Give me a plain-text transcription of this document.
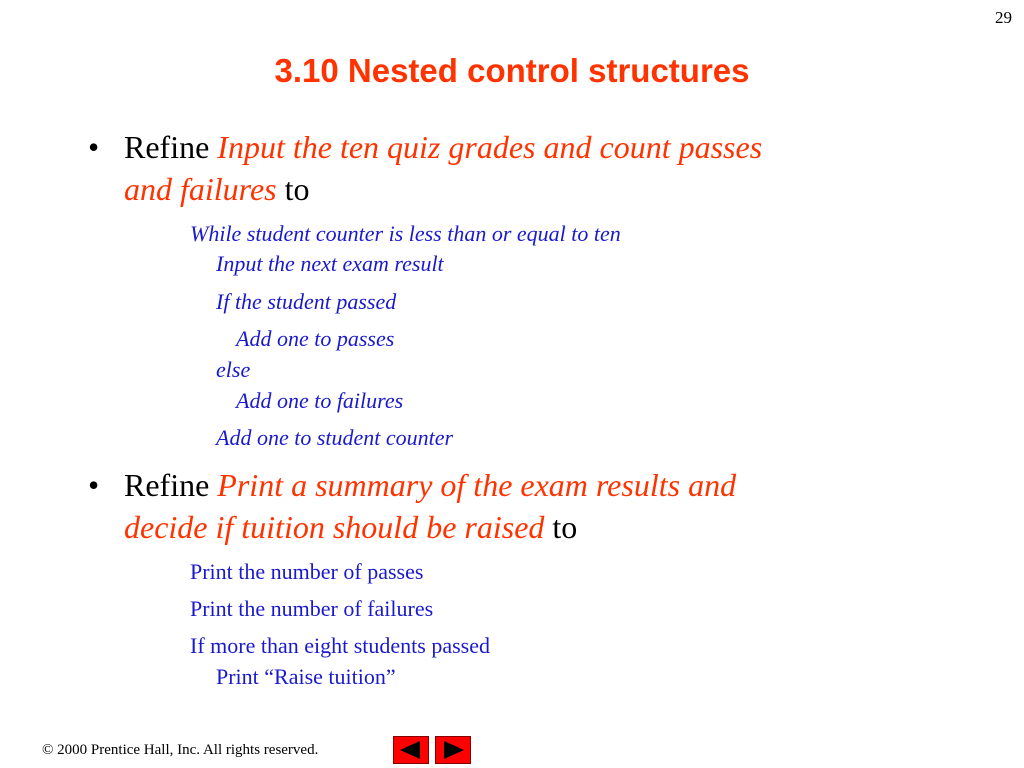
29
3.10 Nested control structures
• Refine Input the ten quiz grades and count passes
and failures to
While student counter is less than or equal to ten
Input the next exam result
If the student passed
Add one to passes
else
Add one to failures
Add one to student counter
• Refine Print a summary of the exam results and
decide if tuition should be raised to
Print the number of passes
Print the number of failures
If more than eight students passed
Print “Raise tuition”
© 2000 Prentice Hall, Inc. All rights reserved.
